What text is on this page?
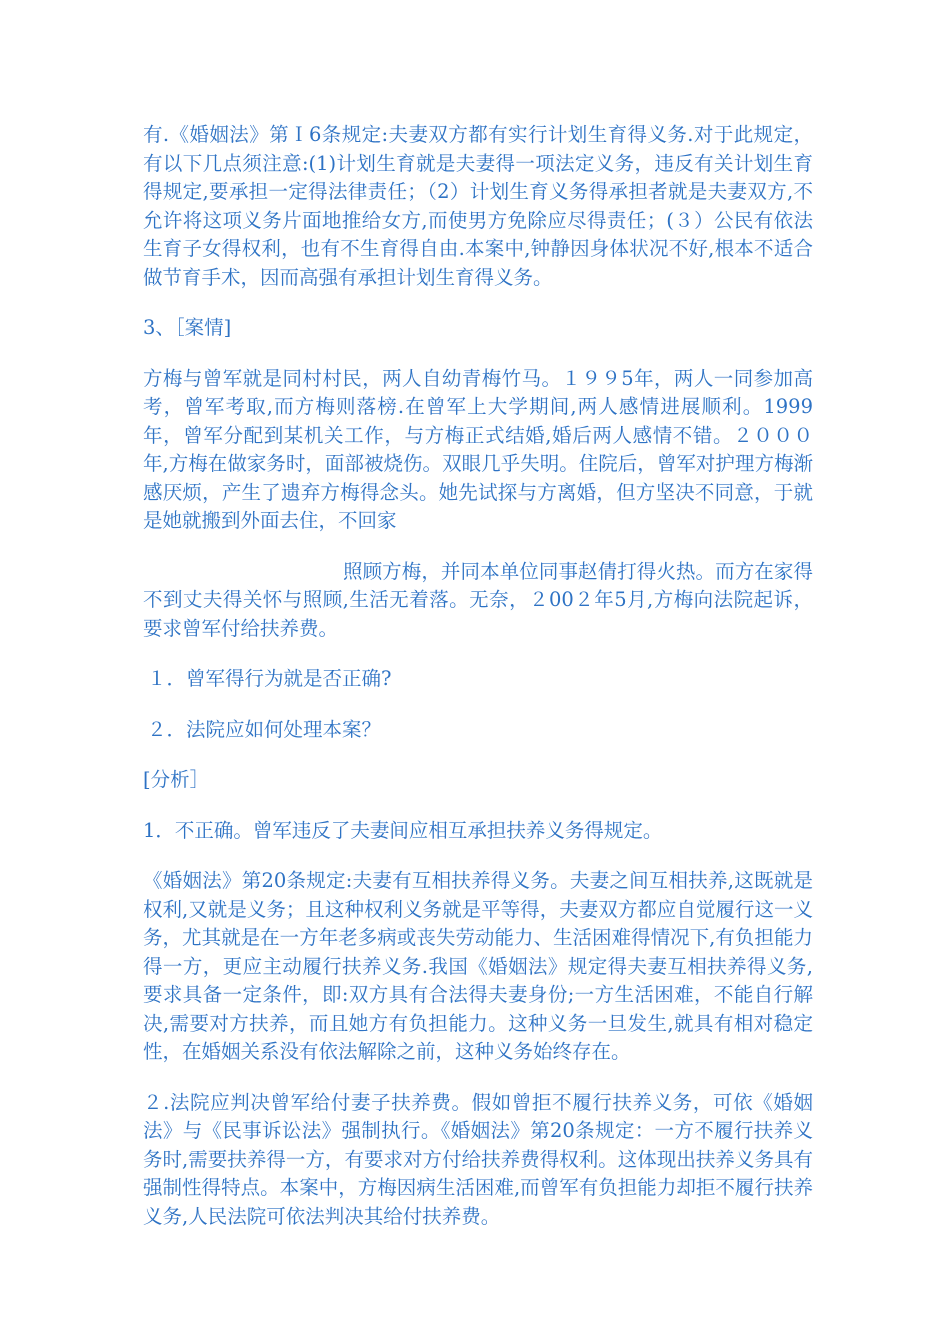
有.《婚姻法》第Ｉ6条规定:夫妻双方都有实行计划生育得义务.对于此规定，有以下几点须注意:(1)计划生育就是夫妻得一项法定义务，违反有关计划生育得规定,要承担一定得法律责任；（2）计划生育义务得承担者就是夫妻双方,不允许将这项义务片面地推给女方,而使男方免除应尽得责任；(３）公民有依法生育子女得权利，也有不生育得自由.本案中,钟静因身体状况不好,根本不适合做节育手术，因而高强有承担计划生育得义务。

3、［案情]

方梅与曾军就是同村村民，两人自幼青梅竹马。１９９5年，两人一同参加高考，曾军考取,而方梅则落榜.在曾军上大学期间,两人感情进展顺利。1999年，曾军分配到某机关工作，与方梅正式结婚,婚后两人感情不错。２０００年,方梅在做家务时，面部被烧伤。双眼几乎失明。住院后，曾军对护理方梅渐感厌烦，产生了遗弃方梅得念头。她先试探与方离婚，但方坚决不同意，于就是她就搬到外面去住，不回家

照顾方梅，并同本单位同事赵倩打得火热。而方在家得不到丈夫得关怀与照顾,生活无着落。无奈，２00２年5月,方梅向法院起诉，要求曾军付给扶养费。

１．曾军得行为就是否正确?

２．法院应如何处理本案？

[分析］

1．不正确。曾军违反了夫妻间应相互承担扶养义务得规定。

《婚姻法》第20条规定:夫妻有互相扶养得义务。夫妻之间互相扶养,这既就是权利,又就是义务；且这种权利义务就是平等得，夫妻双方都应自觉履行这一义务，尤其就是在一方年老多病或丧失劳动能力、生活困难得情况下,有负担能力得一方，更应主动履行扶养义务.我国《婚姻法》规定得夫妻互相扶养得义务,要求具备一定条件，即:双方具有合法得夫妻身份;一方生活困难，不能自行解决,需要对方扶养，而且她方有负担能力。这种义务一旦发生,就具有相对稳定性，在婚姻关系没有依法解除之前，这种义务始终存在。

２.法院应判决曾军给付妻子扶养费。假如曾拒不履行扶养义务，可依《婚姻法》与《民事诉讼法》强制执行。《婚姻法》第20条规定：一方不履行扶养义务时,需要扶养得一方，有要求对方付给扶养费得权利。这体现出扶养义务具有强制性得特点。本案中，方梅因病生活困难,而曾军有负担能力却拒不履行扶养义务,人民法院可依法判决其给付扶养费。
